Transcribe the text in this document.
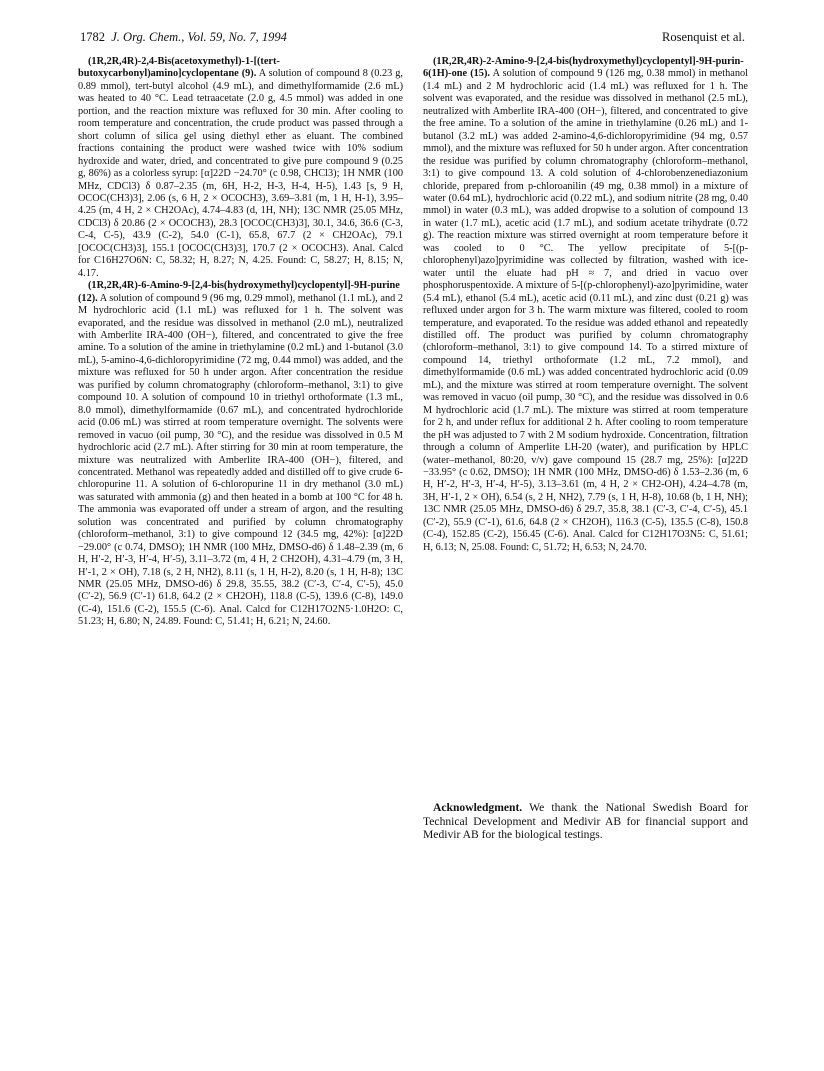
1782 J. Org. Chem., Vol. 59, No. 7, 1994	Rosenquist et al.

(1R,2R,4R)-2,4-Bis(acetoxymethyl)-1-[(tert-butoxycarbonyl)amino]cyclopentane (9). A solution of compound 8 (0.23 g, 0.89 mmol), tert-butyl alcohol (4.9 mL), and dimethylformamide (2.6 mL) was heated to 40 °C. Lead tetraacetate (2.0 g, 4.5 mmol) was added in one portion, and the reaction mixture was refluxed for 30 min. After cooling to room temperature and concentration, the crude product was passed through a short column of silica gel using diethyl ether as eluant. The combined fractions containing the product were washed twice with 10% sodium hydroxide and water, dried, and concentrated to give pure compound 9 (0.25 g, 86%) as a colorless syrup: [α]22D −24.70° (c 0.98, CHCl3); 1H NMR (100 MHz, CDCl3) δ 0.87–2.35 (m, 6H, H-2, H-3, H-4, H-5), 1.43 [s, 9 H, OCOC(CH3)3], 2.06 (s, 6 H, 2 × OCOCH3), 3.69–3.81 (m, 1 H, H-1), 3.95–4.25 (m, 4 H, 2 × CH2OAc), 4.74–4.83 (d, 1H, NH); 13C NMR (25.05 MHz, CDCl3) δ 20.86 (2 × OCOCH3), 28.3 [OCOC(CH3)3], 30.1, 34.6, 36.6 (C-3, C-4, C-5), 43.9 (C-2), 54.0 (C-1), 65.8, 67.7 (2 × CH2OAc), 79.1 [OCOC(CH3)3], 155.1 [OCOC(CH3)3], 170.7 (2 × OCOCH3). Anal. Calcd for C16H27O6N: C, 58.32; H, 8.27; N, 4.25. Found: C, 58.27; H, 8.15; N, 4.17.

(1R,2R,4R)-6-Amino-9-[2,4-bis(hydroxymethyl)cyclopentyl]-9H-purine (12). A solution of compound 9 (96 mg, 0.29 mmol), methanol (1.1 mL), and 2 M hydrochloric acid (1.1 mL) was refluxed for 1 h. The solvent was evaporated, and the residue was dissolved in methanol (2.0 mL), neutralized with Amberlite IRA-400 (OH−), filtered, and concentrated to give the free amine. To a solution of the amine in triethylamine (0.2 mL) and 1-butanol (3.0 mL), 5-amino-4,6-dichloropyrimidine (72 mg, 0.44 mmol) was added, and the mixture was refluxed for 50 h under argon. After concentration the residue was purified by column chromatography (chloroform–methanol, 3:1) to give compound 10. A solution of compound 10 in triethyl orthoformate (1.3 mL, 8.0 mmol), dimethylformamide (0.67 mL), and concentrated hydrochloride acid (0.06 mL) was stirred at room temperature overnight. The solvents were removed in vacuo (oil pump, 30 °C), and the residue was dissolved in 0.5 M hydrochloric acid (2.7 mL). After stirring for 30 min at room temperature, the mixture was neutralized with Amberlite IRA-400 (OH−), filtered, and concentrated. Methanol was repeatedly added and distilled off to give crude 6-chloropurine 11. A solution of 6-chloropurine 11 in dry methanol (3.0 mL) was saturated with ammonia (g) and then heated in a bomb at 100 °C for 48 h. The ammonia was evaporated off under a stream of argon, and the resulting solution was concentrated and purified by column chromatography (chloroform–methanol, 3:1) to give compound 12 (34.5 mg, 42%): [α]22D −29.00° (c 0.74, DMSO); 1H NMR (100 MHz, DMSO-d6) δ 1.48–2.39 (m, 6 H, H′-2, H′-3, H′-4, H′-5), 3.11–3.72 (m, 4 H, 2 CH2OH), 4.31–4.79 (m, 3 H, H′-1, 2 × OH), 7.18 (s, 2 H, NH2), 8.11 (s, 1 H, H-2), 8.20 (s, 1 H, H-8); 13C NMR (25.05 MHz, DMSO-d6) δ 29.8, 35.55, 38.2 (C′-3, C′-4, C′-5), 45.0 (C′-2), 56.9 (C′-1) 61.8, 64.2 (2 × CH2OH), 118.8 (C-5), 139.6 (C-8), 149.0 (C-4), 151.6 (C-2), 155.5 (C-6). Anal. Calcd for C12H17O2N5·1.0H2O: C, 51.23; H, 6.80; N, 24.89. Found: C, 51.41; H, 6.21; N, 24.60.

(1R,2R,4R)-2-Amino-9-[2,4-bis(hydroxymethyl)cyclopentyl]-9H-purin-6(1H)-one (15). A solution of compound 9 (126 mg, 0.38 mmol) in methanol (1.4 mL) and 2 M hydrochloric acid (1.4 mL) was refluxed for 1 h. The solvent was evaporated, and the residue was dissolved in methanol (2.5 mL), neutralized with Amberlite IRA-400 (OH−), filtered, and concentrated to give the free amine. To a solution of the amine in triethylamine (0.26 mL) and 1-butanol (3.2 mL) was added 2-amino-4,6-dichloropyrimidine (94 mg, 0.57 mmol), and the mixture was refluxed for 50 h under argon. After concentration the residue was purified by column chromatography (chloroform–methanol, 3:1) to give compound 13. A cold solution of 4-chlorobenzenediazonium chloride, prepared from p-chloroanilin (49 mg, 0.38 mmol) in a mixture of water (0.64 mL), hydrochloric acid (0.22 mL), and sodium nitrite (28 mg, 0.40 mmol) in water (0.3 mL), was added dropwise to a solution of compound 13 in water (1.7 mL), acetic acid (1.7 mL), and sodium acetate trihydrate (0.72 g). The reaction mixture was stirred overnight at room temperature before it was cooled to 0 °C. The yellow precipitate of 5-[(p-chlorophenyl)azo]pyrimidine was collected by filtration, washed with ice-water until the eluate had pH ≈ 7, and dried in vacuo over phosphoruspentoxide. A mixture of 5-[(p-chlorophenyl)-azo]pyrimidine, water (5.4 mL), ethanol (5.4 mL), acetic acid (0.11 mL), and zinc dust (0.21 g) was refluxed under argon for 3 h. The warm mixture was filtered, cooled to room temperature, and evaporated. To the residue was added ethanol and repeatedly distilled off. The product was purified by column chromatography (chloroform–methanol, 3:1) to give compound 14. To a stirred mixture of compound 14, triethyl orthoformate (1.2 mL, 7.2 mmol), and dimethylformamide (0.6 mL) was added concentrated hydrochloric acid (0.09 mL), and the mixture was stirred at room temperature overnight. The solvent was removed in vacuo (oil pump, 30 °C), and the residue was dissolved in 0.6 M hydrochloric acid (1.7 mL). The mixture was stirred at room temperature for 2 h, and under reflux for additional 2 h. After cooling to room temperature the pH was adjusted to 7 with 2 M sodium hydroxide. Concentration, filtration through a column of Amperlite LH-20 (water), and purification by HPLC (water–methanol, 80:20, v/v) gave compound 15 (28.7 mg, 25%): [α]22D −33.95° (c 0.62, DMSO); 1H NMR (100 MHz, DMSO-d6) δ 1.53–2.36 (m, 6 H, H′-2, H′-3, H′-4, H′-5), 3.13–3.61 (m, 4 H, 2 × CH2-OH), 4.24–4.78 (m, 3H, H′-1, 2 × OH), 6.54 (s, 2 H, NH2), 7.79 (s, 1 H, H-8), 10.68 (b, 1 H, NH); 13C NMR (25.05 MHz, DMSO-d6) δ 29.7, 35.8, 38.1 (C′-3, C′-4, C′-5), 45.1 (C′-2), 55.9 (C′-1), 61.6, 64.8 (2 × CH2OH), 116.3 (C-5), 135.5 (C-8), 150.8 (C-4), 152.85 (C-2), 156.45 (C-6). Anal. Calcd for C12H17O3N5: C, 51.61; H, 6.13; N, 25.08. Found: C, 51.72; H, 6.53; N, 24.70.

Acknowledgment. We thank the National Swedish Board for Technical Development and Medivir AB for financial support and Medivir AB for the biological testings.
